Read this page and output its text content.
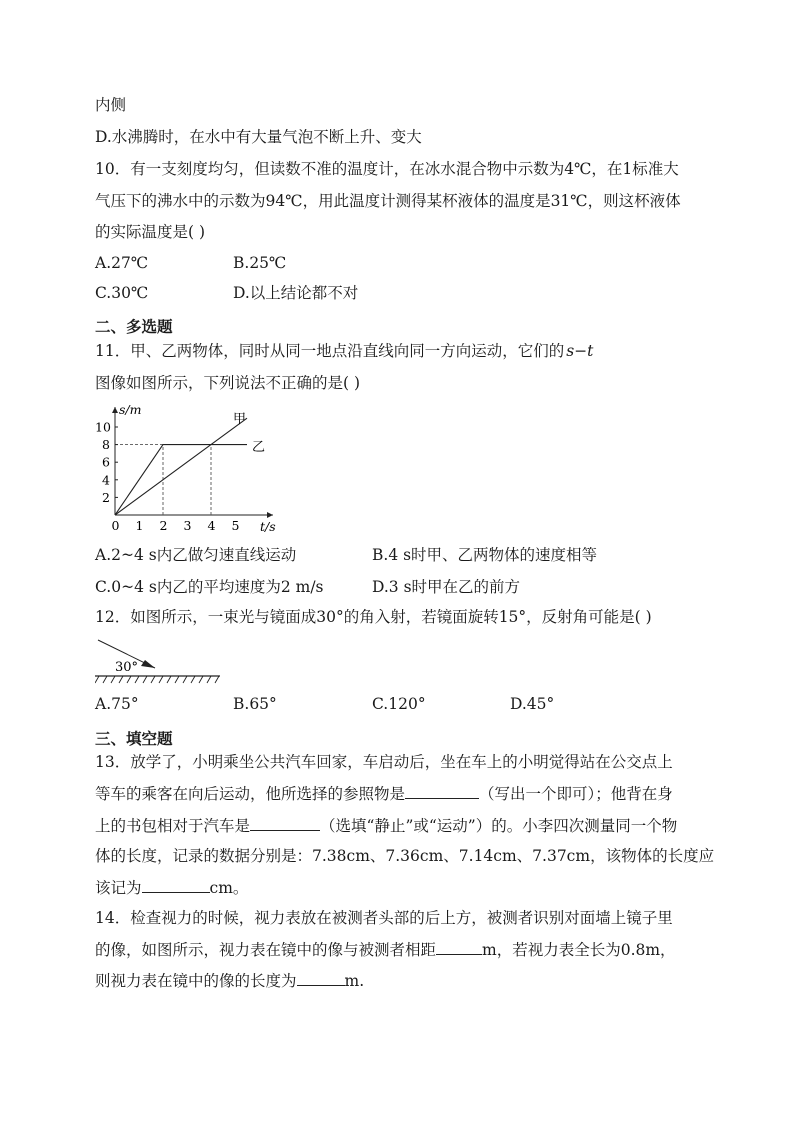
内侧
D.水沸腾时，在水中有大量气泡不断上升、变大
10．有一支刻度均匀，但读数不准的温度计，在冰水混合物中示数为4℃，在1标准大
气压下的沸水中的示数为94℃，用此温度计测得某杯液体的温度是31℃，则这杯液体
的实际温度是( )
A.27℃	B.25℃
C.30℃	D.以上结论都不对
二、多选题
11．甲、乙两物体，同时从同一地点沿直线向同一方向运动，它们的 s−t
图像如图所示，下列说法不正确的是( )
0 1 2 3 4 5
2
4
6
8
10
s/m
t/s
甲
乙
A.2~4 s内乙做匀速直线运动	B.4 s时甲、乙两物体的速度相等
C.0~4 s内乙的平均速度为2 m/s	D.3 s时甲在乙的前方
12．如图所示，一束光与镜面成30°的角入射，若镜面旋转15°，反射角可能是( )
30°
A.75°	B.65°	C.120°	D.45°
三、填空题
13．放学了，小明乘坐公共汽车回家，车启动后，坐在车上的小明觉得站在公交点上
等车的乘客在向后运动，他所选择的参照物是	（写出一个即可）；他背在身
上的书包相对于汽车是	（选填“静止”或“运动”）的。小李四次测量同一个物
体的长度，记录的数据分别是：7.38cm、7.36cm、7.14cm、7.37cm，该物体的长度应
该记为	cm。
14．检查视力的时候，视力表放在被测者头部的后上方，被测者识别对面墙上镜子里
的像，如图所示，视力表在镜中的像与被测者相距	m，若视力表全长为0.8m，
则视力表在镜中的像的长度为	m.
